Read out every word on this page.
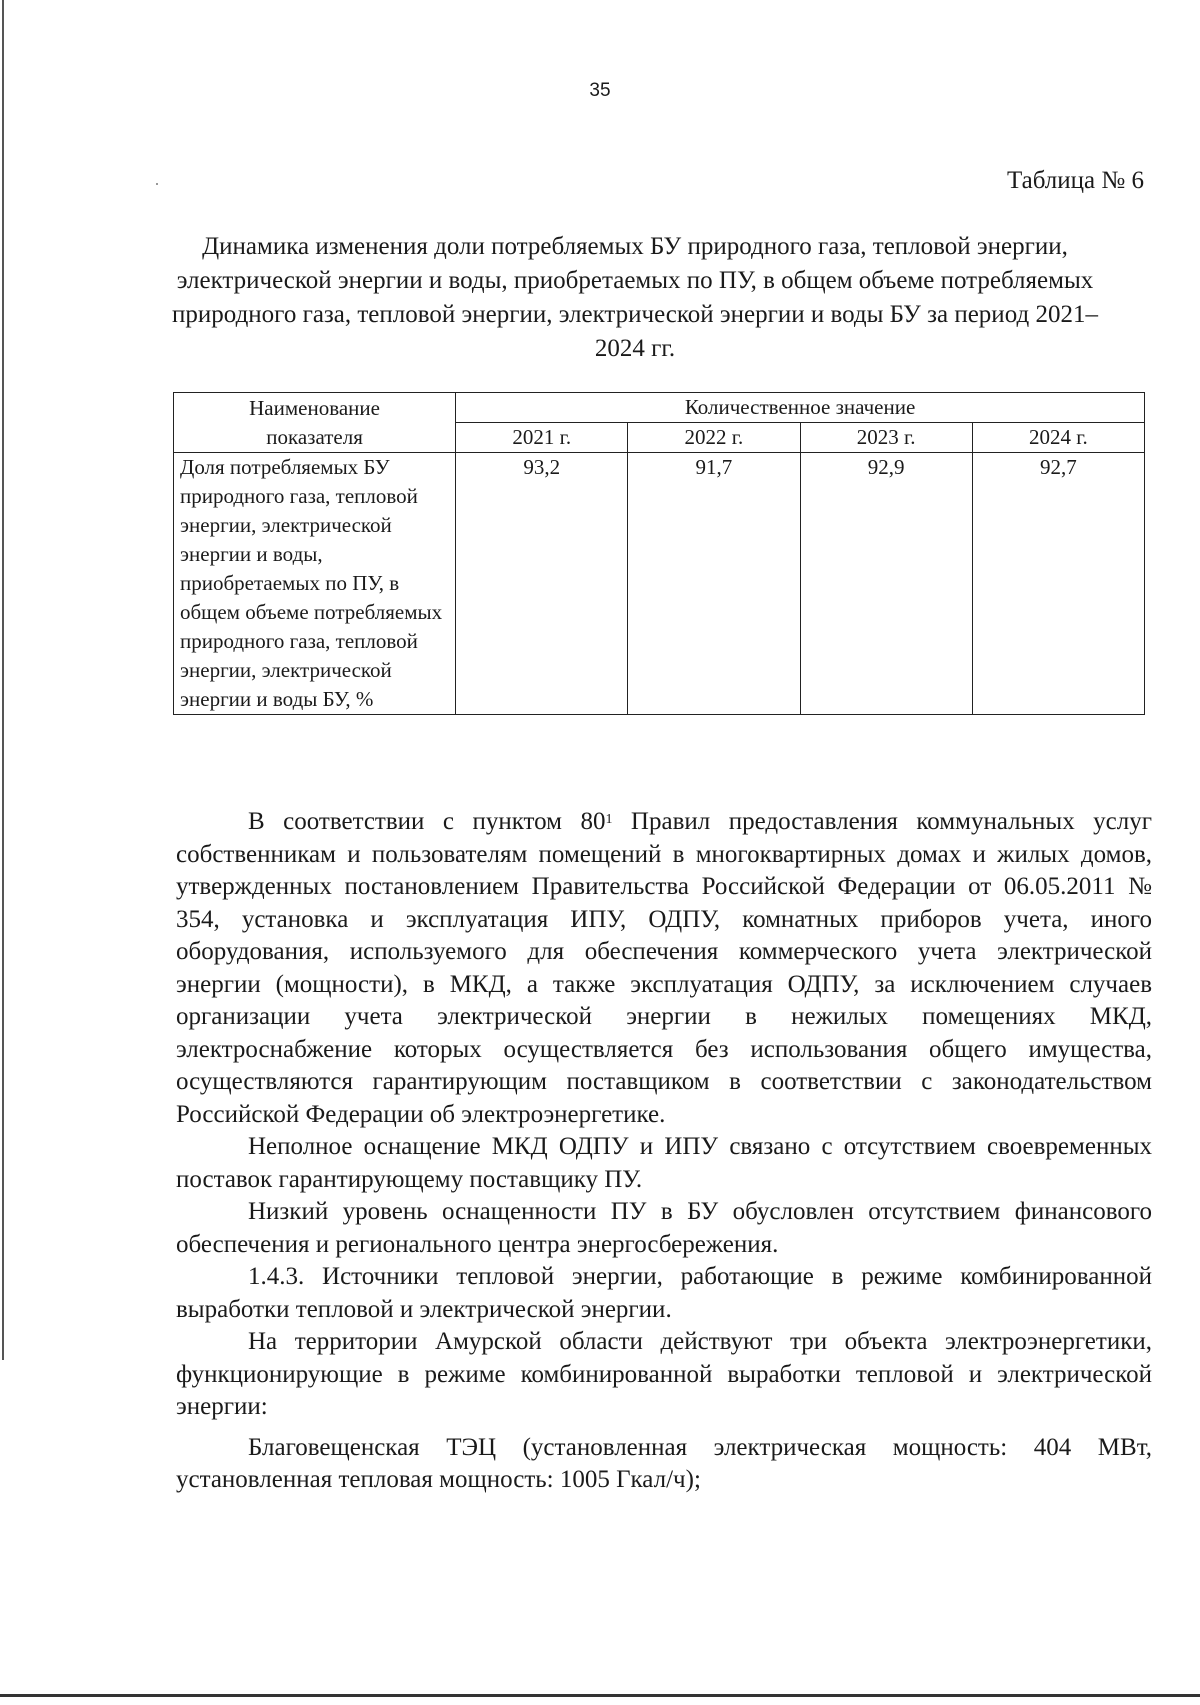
35
Таблица № 6
Динамика изменения доли потребляемых БУ природного газа, тепловой энергии, электрической энергии и воды, приобретаемых по ПУ, в общем объеме потребляемых природного газа, тепловой энергии, электрической энергии и воды БУ за период 2021–2024 гг.
Наименование
показателя	Количественное значение			
	2021 г.	2022 г.	2023 г.	2024 г.
Доля потребляемых БУ природного газа, тепловой энергии, электрической энергии и воды, приобретаемых по ПУ, в общем объеме потребляемых природного газа, тепловой энергии, электрической энергии и воды БУ, %	93,2	91,7	92,9	92,7

В соответствии с пунктом $80^1$ Правил предоставления коммунальных услуг собственникам и пользователям помещений в многоквартирных домах и жилых домов, утвержденных постановлением Правительства Российской Федерации от 06.05.2011 № 354, установка и эксплуатация ИПУ, ОДПУ, комнатных приборов учета, иного оборудования, используемого для обеспечения коммерческого учета электрической энергии (мощности), в МКД, а также эксплуатация ОДПУ, за исключением случаев организации учета электрической энергии в нежилых помещениях МКД, электроснабжение которых осуществляется без использования общего имущества, осуществляются гарантирующим поставщиком в соответствии с законодательством Российской Федерации об электроэнергетике.

Неполное оснащение МКД ОДПУ и ИПУ связано с отсутствием своевременных поставок гарантирующему поставщику ПУ.

Низкий уровень оснащенности ПУ в БУ обусловлен отсутствием финансового обеспечения и регионального центра энергосбережения.

1.4.3. Источники тепловой энергии, работающие в режиме комбинированной выработки тепловой и электрической энергии.

На территории Амурской области действуют три объекта электроэнергетики, функционирующие в режиме комбинированной выработки тепловой и электрической энергии:

Благовещенская ТЭЦ (установленная электрическая мощность: 404 МВт, установленная тепловая мощность: 1005 Гкал/ч);
